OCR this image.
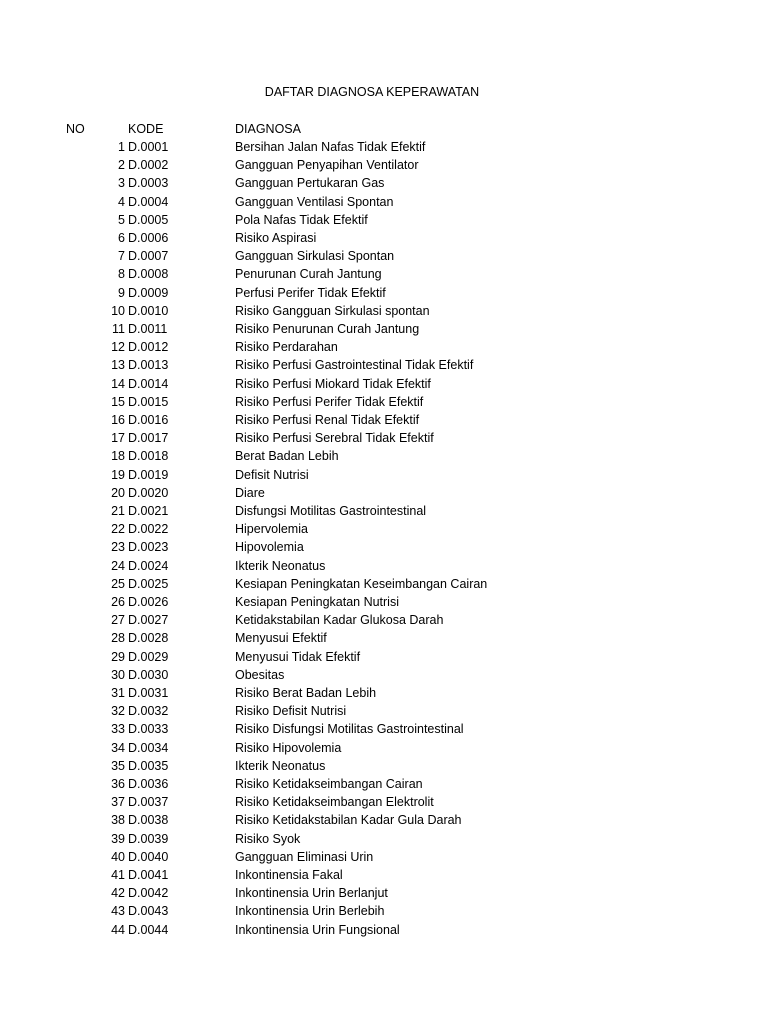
DAFTAR DIAGNOSA KEPERAWATAN
NO	KODE	DIAGNOSA
1 D.0001	Bersihan Jalan Nafas Tidak Efektif
2 D.0002	Gangguan Penyapihan Ventilator
3 D.0003	Gangguan Pertukaran Gas
4 D.0004	Gangguan Ventilasi Spontan
5 D.0005	Pola Nafas Tidak Efektif
6 D.0006	Risiko Aspirasi
7 D.0007	Gangguan Sirkulasi Spontan
8 D.0008	Penurunan Curah Jantung
9 D.0009	Perfusi Perifer Tidak Efektif
10 D.0010	Risiko Gangguan Sirkulasi spontan
11 D.0011	Risiko Penurunan Curah Jantung
12 D.0012	Risiko Perdarahan
13 D.0013	Risiko Perfusi Gastrointestinal Tidak Efektif
14 D.0014	Risiko Perfusi Miokard Tidak Efektif
15 D.0015	Risiko Perfusi Perifer Tidak Efektif
16 D.0016	Risiko Perfusi Renal Tidak Efektif
17 D.0017	Risiko Perfusi Serebral Tidak Efektif
18 D.0018	Berat Badan Lebih
19 D.0019	Defisit Nutrisi
20 D.0020	Diare
21 D.0021	Disfungsi Motilitas Gastrointestinal
22 D.0022	Hipervolemia
23 D.0023	Hipovolemia
24 D.0024	Ikterik Neonatus
25 D.0025	Kesiapan Peningkatan Keseimbangan Cairan
26 D.0026	Kesiapan Peningkatan Nutrisi
27 D.0027	Ketidakstabilan Kadar Glukosa Darah
28 D.0028	Menyusui Efektif
29 D.0029	Menyusui Tidak Efektif
30 D.0030	Obesitas
31 D.0031	Risiko Berat Badan Lebih
32 D.0032	Risiko Defisit Nutrisi
33 D.0033	Risiko Disfungsi Motilitas Gastrointestinal
34 D.0034	Risiko Hipovolemia
35 D.0035	Ikterik Neonatus
36 D.0036	Risiko Ketidakseimbangan Cairan
37 D.0037	Risiko Ketidakseimbangan Elektrolit
38 D.0038	Risiko Ketidakstabilan Kadar Gula Darah
39 D.0039	Risiko Syok
40 D.0040	Gangguan Eliminasi Urin
41 D.0041	Inkontinensia Fakal
42 D.0042	Inkontinensia Urin Berlanjut
43 D.0043	Inkontinensia Urin Berlebih
44 D.0044	Inkontinensia Urin Fungsional
